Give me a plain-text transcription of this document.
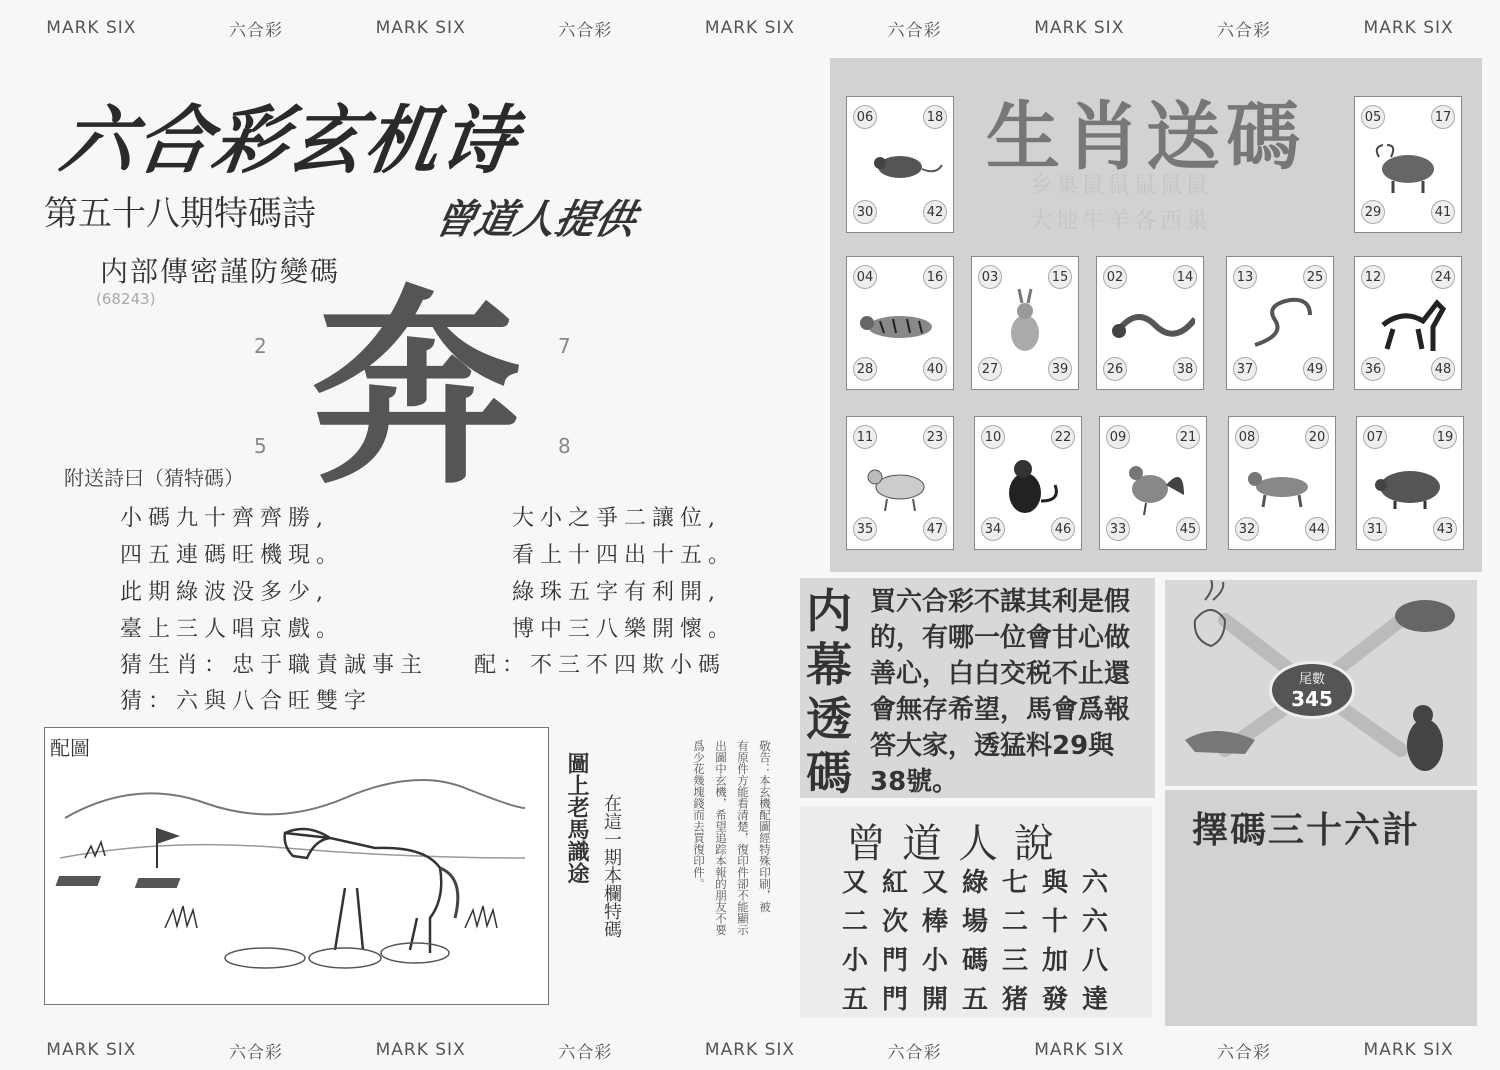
MARK SIX	六合彩	MARK SIX	六合彩	MARK SIX	六合彩	MARK SIX	六合彩	MARK SIX
MARK SIX	六合彩	MARK SIX	六合彩	MARK SIX	六合彩	MARK SIX	六合彩	MARK SIX
六合彩玄机诗
第五十八期特碼詩	曾道人提供
内部傳密謹防變碼
(68243)
2	7
5	8
奔
附送詩曰（猜特碼）
小碼九十齊齊勝,
四五連碼旺機現。
此期綠波没多少,
臺上三人唱京戲。
大小之爭二讓位,
看上十四出十五。
綠珠五字有利開,
博中三八樂開懷。
猜生肖：忠于職責誠事主 配：不三不四欺小碼
猜：六與八合旺雙字
配圖
圖上老馬識途 在這一期本欄特碼	敬告：本玄機配圖經特殊印刷，被
有原件方能看清楚，復印件卻不能顯示
出圖中玄機，希望追踪本報的朋友不要
爲少花幾塊錢而去買復印件。
生肖送碼
乡巢鼠鼠鼠鼠鼠
大地牛羊各西巢
06	18
30	42
05	17
29	41
04	16
28	40
03	15
27	39
02	14
26	38
13	25
37	49
12	24
36	48
11	23
35	47
10	22
34	46
09	21
33	45
08	20
32	44
07	19
31	43
内
幕
透
碼
買六合彩不謀其利是假的，有哪一位會甘心做善心，白白交税不止還會無存希望，馬會爲報答大家，透猛料29與38號。
尾數
345
曾道人說
又紅又綠七與六
二次棒場二十六
小門小碼三加八
五門開五猪發達
擇碼三十六計
